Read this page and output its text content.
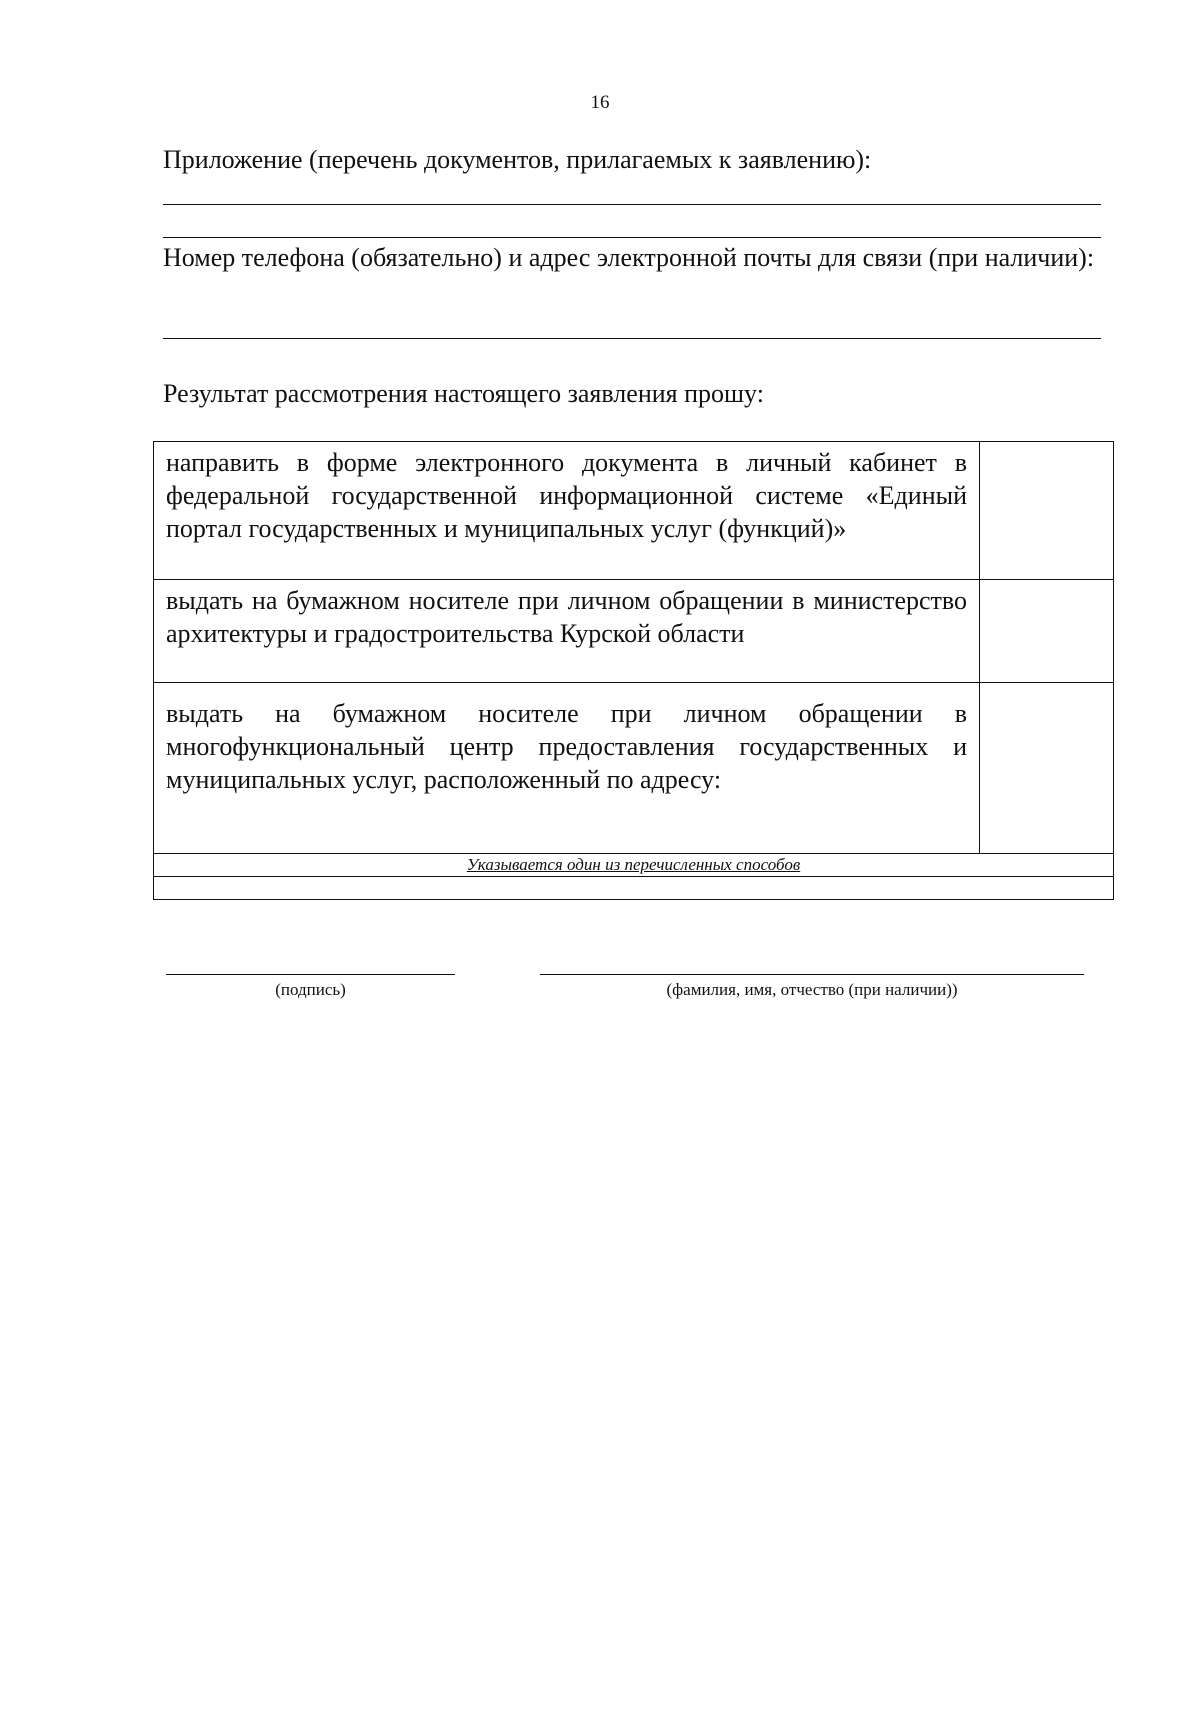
16
Приложение (перечень документов, прилагаемых к заявлению):
Номер телефона (обязательно) и адрес электронной почты для связи (при наличии):
Результат рассмотрения настоящего заявления прошу:
направить в форме электронного документа в личный кабинет в федеральной государственной информационной системе «Единый портал государственных и муниципальных услуг (функций)»	
выдать на бумажном носителе при личном обращении в министерство архитектуры и градостроительства Курской области	
выдать на бумажном носителе при личном обращении в многофункциональный центр предоставления государственных и муниципальных услуг, расположенный по адресу:	
Указывается один из перечисленных способов	

(подпись)	(фамилия, имя, отчество (при наличии))
